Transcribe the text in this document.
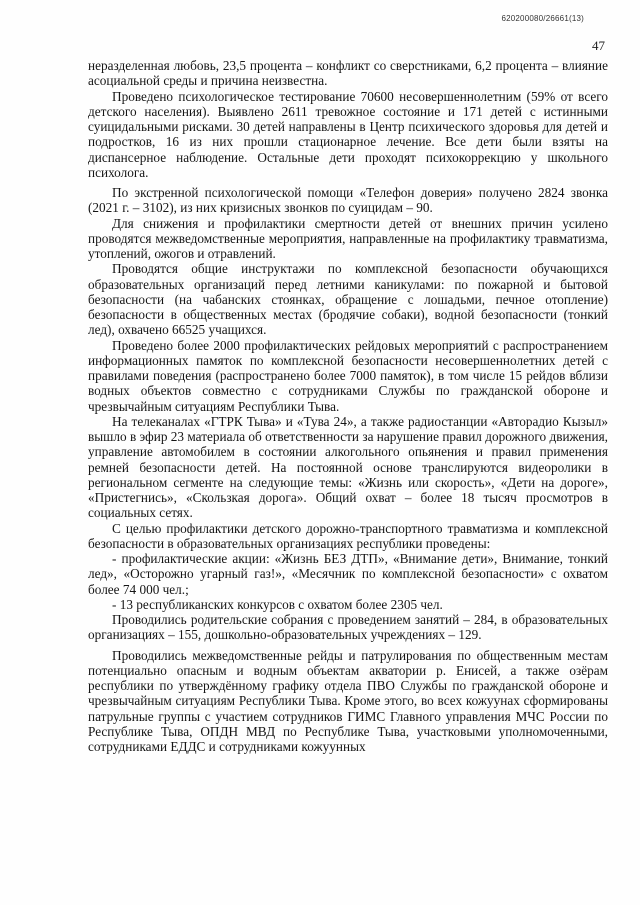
620200080/26661(13)
47

неразделенная любовь, 23,5 процента – конфликт со сверстниками, 6,2 процента – влияние асоциальной среды и причина неизвестна.

Проведено психологическое тестирование 70600 несовершеннолетним (59% от всего детского населения). Выявлено 2611 тревожное состояние и 171 детей с истинными суицидальными рисками. 30 детей направлены в Центр психического здоровья для детей и подростков, 16 из них прошли стационарное лечение. Все дети были взяты на диспансерное наблюдение. Остальные дети проходят психокоррекцию у школьного психолога.

По экстренной психологической помощи «Телефон доверия» получено 2824 звонка (2021 г. – 3102), из них кризисных звонков по суицидам – 90.

Для снижения и профилактики смертности детей от внешних причин усилено проводятся межведомственные мероприятия, направленные на профилактику травматизма, утоплений, ожогов и отравлений.

Проводятся общие инструктажи по комплексной безопасности обучающихся образовательных организаций перед летними каникулами: по пожарной и бытовой безопасности (на чабанских стоянках, обращение с лошадьми, печное отопление) безопасности в общественных местах (бродячие собаки), водной безопасности (тонкий лед), охвачено 66525 учащихся.

Проведено более 2000 профилактических рейдовых мероприятий с распространением информационных памяток по комплексной безопасности несовершеннолетних детей с правилами поведения (распространено более 7000 памяток), в том числе 15 рейдов вблизи водных объектов совместно с сотрудниками Службы по гражданской обороне и чрезвычайным ситуациям Республики Тыва.

На телеканалах «ГТРК Тыва» и «Тува 24», а также радиостанции «Авторадио Кызыл» вышло в эфир 23 материала об ответственности за нарушение правил дорожного движения, управление автомобилем в состоянии алкогольного опьянения и правил применения ремней безопасности детей. На постоянной основе транслируются видеоролики в региональном сегменте на следующие темы: «Жизнь или скорость», «Дети на дороге», «Пристегнись», «Скользкая дорога». Общий охват – более 18 тысяч просмотров в социальных сетях.

С целью профилактики детского дорожно-транспортного травматизма и комплексной безопасности в образовательных организациях республики проведены:

- профилактические акции: «Жизнь БЕЗ ДТП», «Внимание дети», Внимание, тонкий лед», «Осторожно угарный газ!», «Месячник по комплексной безопасности» с охватом более 74 000 чел.;

- 13 республиканских конкурсов с охватом более 2305 чел.

Проводились родительские собрания с проведением занятий – 284, в образовательных организациях – 155, дошкольно-образовательных учреждениях – 129.

Проводились межведомственные рейды и патрулирования по общественным местам потенциально опасным и водным объектам акватории р. Енисей, а также озёрам республики по утверждённому графику отдела ПВО Службы по гражданской обороне и чрезвычайным ситуациям Республики Тыва. Кроме этого, во всех кожуунах сформированы патрульные группы с участием сотрудников ГИМС Главного управления МЧС России по Республике Тыва, ОПДН МВД по Республике Тыва, участковыми уполномоченными, сотрудниками ЕДДС и сотрудниками кожуунных
